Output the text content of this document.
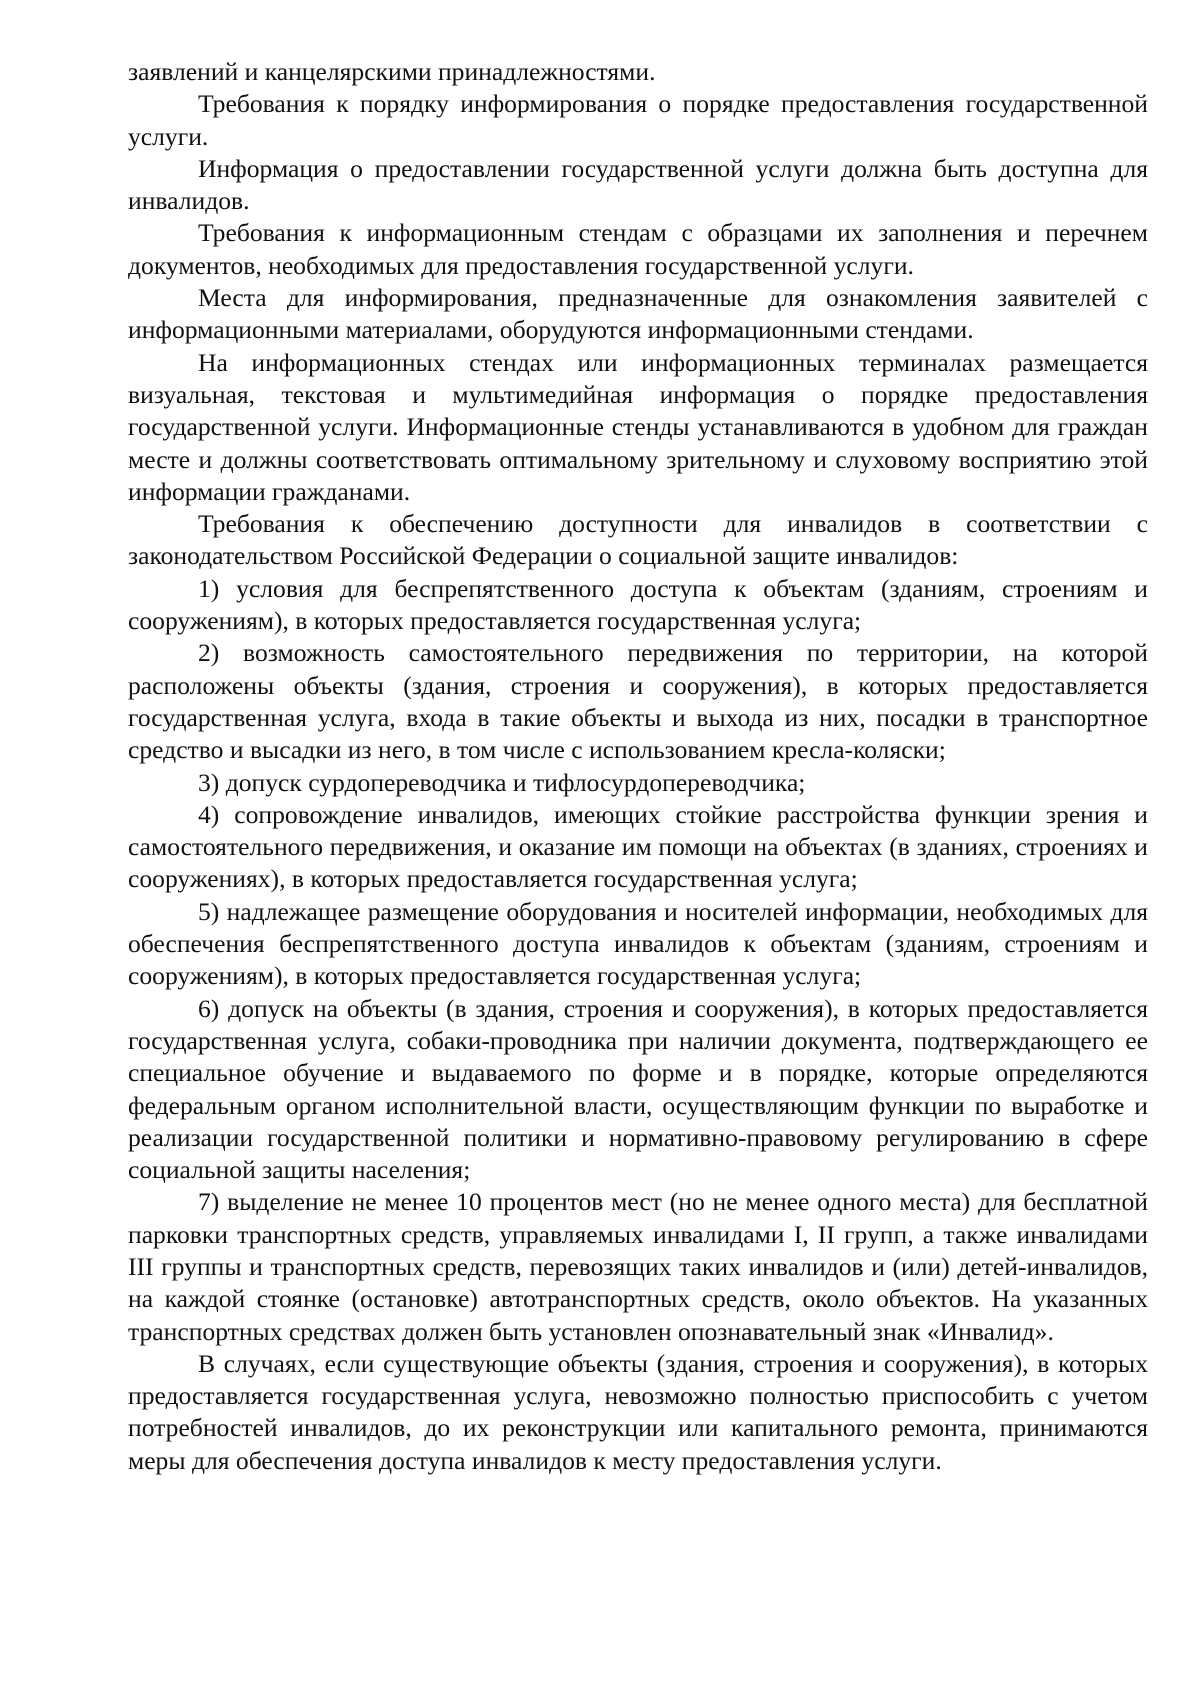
заявлений и канцелярскими принадлежностями.

Требования к порядку информирования о порядке предоставления государственной услуги.

Информация о предоставлении государственной услуги должна быть доступна для инвалидов.

Требования к информационным стендам с образцами их заполнения и перечнем документов, необходимых для предоставления государственной услуги.

Места для информирования, предназначенные для ознакомления заявителей с информационными материалами, оборудуются информационными стендами.

На информационных стендах или информационных терминалах размещается визуальная, текстовая и мультимедийная информация о порядке предоставления государственной услуги. Информационные стенды устанавливаются в удобном для граждан месте и должны соответствовать оптимальному зрительному и слуховому восприятию этой информации гражданами.

Требования к обеспечению доступности для инвалидов в соответствии с законодательством Российской Федерации о социальной защите инвалидов:

1) условия для беспрепятственного доступа к объектам (зданиям, строениям и сооружениям), в которых предоставляется государственная услуга;

2) возможность самостоятельного передвижения по территории, на которой расположены объекты (здания, строения и сооружения), в которых предоставляется государственная услуга, входа в такие объекты и выхода из них, посадки в транспортное средство и высадки из него, в том числе с использованием кресла-коляски;

3) допуск сурдопереводчика и тифлосурдопереводчика;

4) сопровождение инвалидов, имеющих стойкие расстройства функции зрения и самостоятельного передвижения, и оказание им помощи на объектах (в зданиях, строениях и сооружениях), в которых предоставляется государственная услуга;

5) надлежащее размещение оборудования и носителей информации, необходимых для обеспечения беспрепятственного доступа инвалидов к объектам (зданиям, строениям и сооружениям), в которых предоставляется государственная услуга;

6) допуск на объекты (в здания, строения и сооружения), в которых предоставляется государственная услуга, собаки-проводника при наличии документа, подтверждающего ее специальное обучение и выдаваемого по форме и в порядке, которые определяются федеральным органом исполнительной власти, осуществляющим функции по выработке и реализации государственной политики и нормативно-правовому регулированию в сфере социальной защиты населения;

7) выделение не менее 10 процентов мест (но не менее одного места) для бесплатной парковки транспортных средств, управляемых инвалидами I, II групп, а также инвалидами III группы и транспортных средств, перевозящих таких инвалидов и (или) детей-инвалидов, на каждой стоянке (остановке) автотранспортных средств, около объектов. На указанных транспортных средствах должен быть установлен опознавательный знак «Инвалид».

В случаях, если существующие объекты (здания, строения и сооружения), в которых предоставляется государственная услуга, невозможно полностью приспособить с учетом потребностей инвалидов, до их реконструкции или капитального ремонта, принимаются меры для обеспечения доступа инвалидов к месту предоставления услуги.
